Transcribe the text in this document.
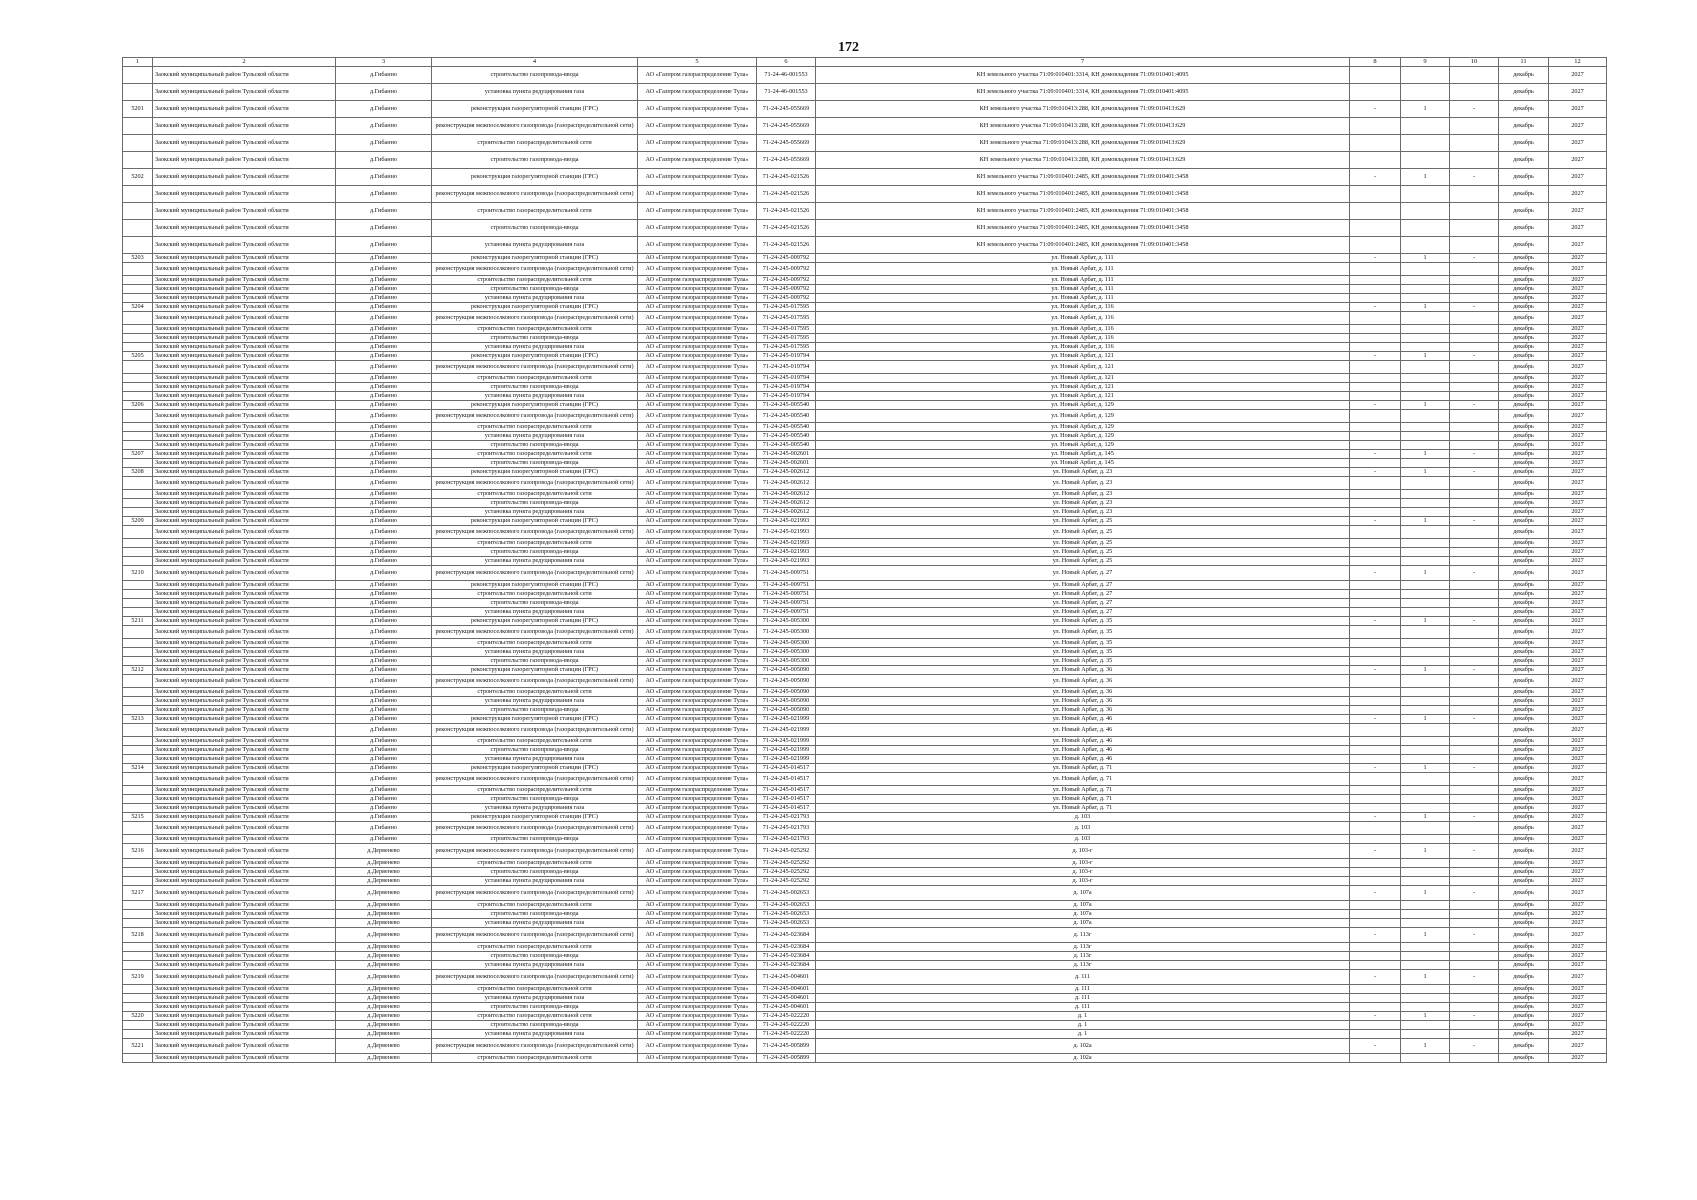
172
1	2	3	4	5	6	7	8	9	10	11	12
	Заокский муниципальный район Тульской области	д.Гибанно	строительство газопровода-ввода	АО «Газпром газораспределение Тула»	71-24-46-001553	КН земельного участка 71:09:010401:3314, КН домовладения 71:09:010401:4095				декабрь	2027
	Заокский муниципальный район Тульской области	д.Гибанно	установка пункта редуцирования газа	АО «Газпром газораспределение Тула»	71-24-46-001553	КН земельного участка 71:09:010401:3314, КН домовладения 71:09:010401:4095				декабрь	2027
5201	Заокский муниципальный район Тульской области	д.Гибанно	реконструкция газорегуляторной станции (ГРС)	АО «Газпром газораспределение Тула»	71-24-245-055669	КН земельного участка 71:09:010413:288, КН домовладения 71:09:010413:629	-	1	-	декабрь	2027
	Заокский муниципальный район Тульской области	д.Гибанно	реконструкция межпоселкового газопровода (газораспределительной сети)	АО «Газпром газораспределение Тула»	71-24-245-055669	КН земельного участка 71:09:010413:288, КН домовладения 71:09:010413:629				декабрь	2027
	Заокский муниципальный район Тульской области	д.Гибанно	строительство газораспределительной сети	АО «Газпром газораспределение Тула»	71-24-245-055669	КН земельного участка 71:09:010413:288, КН домовладения 71:09:010413:629				декабрь	2027
	Заокский муниципальный район Тульской области	д.Гибанно	строительство газопровода-ввода	АО «Газпром газораспределение Тула»	71-24-245-055669	КН земельного участка 71:09:010413:288, КН домовладения 71:09:010413:629				декабрь	2027
5202	Заокский муниципальный район Тульской области	д.Гибанно	реконструкция газорегуляторной станции (ГРС)	АО «Газпром газораспределение Тула»	71-24-245-021526	КН земельного участка 71:09:010401:2485, КН домовладения 71:09:010401:3458	-	1	-	декабрь	2027
	Заокский муниципальный район Тульской области	д.Гибанно	реконструкция межпоселкового газопровода (газораспределительной сети)	АО «Газпром газораспределение Тула»	71-24-245-021526	КН земельного участка 71:09:010401:2485, КН домовладения 71:09:010401:3458				декабрь	2027
	Заокский муниципальный район Тульской области	д.Гибанно	строительство газораспределительной сети	АО «Газпром газораспределение Тула»	71-24-245-021526	КН земельного участка 71:09:010401:2485, КН домовладения 71:09:010401:3458				декабрь	2027
	Заокский муниципальный район Тульской области	д.Гибанно	строительство газопровода-ввода	АО «Газпром газораспределение Тула»	71-24-245-021526	КН земельного участка 71:09:010401:2485, КН домовладения 71:09:010401:3458				декабрь	2027
	Заокский муниципальный район Тульской области	д.Гибанно	установка пункта редуцирования газа	АО «Газпром газораспределение Тула»	71-24-245-021526	КН земельного участка 71:09:010401:2485, КН домовладения 71:09:010401:3458				декабрь	2027
5203	Заокский муниципальный район Тульской области	д.Гибанно	реконструкция газорегуляторной станции (ГРС)	АО «Газпром газораспределение Тула»	71-24-245-009792	ул. Новый Арбат, д. 111	-	1	-	декабрь	2027
	Заокский муниципальный район Тульской области	д.Гибанно	реконструкция межпоселкового газопровода (газораспределительной сети)	АО «Газпром газораспределение Тула»	71-24-245-009792	ул. Новый Арбат, д. 111				декабрь	2027
	Заокский муниципальный район Тульской области	д.Гибанно	строительство газораспределительной сети	АО «Газпром газораспределение Тула»	71-24-245-009792	ул. Новый Арбат, д. 111				декабрь	2027
	Заокский муниципальный район Тульской области	д.Гибанно	строительство газопровода-ввода	АО «Газпром газораспределение Тула»	71-24-245-009792	ул. Новый Арбат, д. 111				декабрь	2027
	Заокский муниципальный район Тульской области	д.Гибанно	установка пункта редуцирования газа	АО «Газпром газораспределение Тула»	71-24-245-009792	ул. Новый Арбат, д. 111				декабрь	2027
5204	Заокский муниципальный район Тульской области	д.Гибанно	реконструкция газорегуляторной станции (ГРС)	АО «Газпром газораспределение Тула»	71-24-245-017595	ул. Новый Арбат, д. 116	-	1	-	декабрь	2027
	Заокский муниципальный район Тульской области	д.Гибанно	реконструкция межпоселкового газопровода (газораспределительной сети)	АО «Газпром газораспределение Тула»	71-24-245-017595	ул. Новый Арбат, д. 116				декабрь	2027
	Заокский муниципальный район Тульской области	д.Гибанно	строительство газораспределительной сети	АО «Газпром газораспределение Тула»	71-24-245-017595	ул. Новый Арбат, д. 116				декабрь	2027
	Заокский муниципальный район Тульской области	д.Гибанно	строительство газопровода-ввода	АО «Газпром газораспределение Тула»	71-24-245-017595	ул. Новый Арбат, д. 116				декабрь	2027
	Заокский муниципальный район Тульской области	д.Гибанно	установка пункта редуцирования газа	АО «Газпром газораспределение Тула»	71-24-245-017595	ул. Новый Арбат, д. 116				декабрь	2027
5205	Заокский муниципальный район Тульской области	д.Гибанно	реконструкция газорегуляторной станции (ГРС)	АО «Газпром газораспределение Тула»	71-24-245-019794	ул. Новый Арбат, д. 121	-	1	-	декабрь	2027
	Заокский муниципальный район Тульской области	д.Гибанно	реконструкция межпоселкового газопровода (газораспределительной сети)	АО «Газпром газораспределение Тула»	71-24-245-019794	ул. Новый Арбат, д. 121				декабрь	2027
	Заокский муниципальный район Тульской области	д.Гибанно	строительство газораспределительной сети	АО «Газпром газораспределение Тула»	71-24-245-019794	ул. Новый Арбат, д. 121				декабрь	2027
	Заокский муниципальный район Тульской области	д.Гибанно	строительство газопровода-ввода	АО «Газпром газораспределение Тула»	71-24-245-019794	ул. Новый Арбат, д. 121				декабрь	2027
	Заокский муниципальный район Тульской области	д.Гибанно	установка пункта редуцирования газа	АО «Газпром газораспределение Тула»	71-24-245-019794	ул. Новый Арбат, д. 121				декабрь	2027
5206	Заокский муниципальный район Тульской области	д.Гибанно	реконструкция газорегуляторной станции (ГРС)	АО «Газпром газораспределение Тула»	71-24-245-005540	ул. Новый Арбат, д. 129	-	1	-	декабрь	2027
	Заокский муниципальный район Тульской области	д.Гибанно	реконструкция межпоселкового газопровода (газораспределительной сети)	АО «Газпром газораспределение Тула»	71-24-245-005540	ул. Новый Арбат, д. 129				декабрь	2027
	Заокский муниципальный район Тульской области	д.Гибанно	строительство газораспределительной сети	АО «Газпром газораспределение Тула»	71-24-245-005540	ул. Новый Арбат, д. 129				декабрь	2027
	Заокский муниципальный район Тульской области	д.Гибанно	установка пункта редуцирования газа	АО «Газпром газораспределение Тула»	71-24-245-005540	ул. Новый Арбат, д. 129				декабрь	2027
	Заокский муниципальный район Тульской области	д.Гибанно	строительство газопровода-ввода	АО «Газпром газораспределение Тула»	71-24-245-005540	ул. Новый Арбат, д. 129				декабрь	2027
5207	Заокский муниципальный район Тульской области	д.Гибанно	строительство газораспределительной сети	АО «Газпром газораспределение Тула»	71-24-245-002601	ул. Новый Арбат, д. 145	-	1	-	декабрь	2027
	Заокский муниципальный район Тульской области	д.Гибанно	строительство газопровода-ввода	АО «Газпром газораспределение Тула»	71-24-245-002601	ул. Новый Арбат, д. 145				декабрь	2027
5208	Заокский муниципальный район Тульской области	д.Гибанно	реконструкция газорегуляторной станции (ГРС)	АО «Газпром газораспределение Тула»	71-24-245-002612	ул. Новый Арбат, д. 23	-	1	-	декабрь	2027
	Заокский муниципальный район Тульской области	д.Гибанно	реконструкция межпоселкового газопровода (газораспределительной сети)	АО «Газпром газораспределение Тула»	71-24-245-002612	ул. Новый Арбат, д. 23				декабрь	2027
	Заокский муниципальный район Тульской области	д.Гибанно	строительство газораспределительной сети	АО «Газпром газораспределение Тула»	71-24-245-002612	ул. Новый Арбат, д. 23				декабрь	2027
	Заокский муниципальный район Тульской области	д.Гибанно	строительство газопровода-ввода	АО «Газпром газораспределение Тула»	71-24-245-002612	ул. Новый Арбат, д. 23				декабрь	2027
	Заокский муниципальный район Тульской области	д.Гибанно	установка пункта редуцирования газа	АО «Газпром газораспределение Тула»	71-24-245-002612	ул. Новый Арбат, д. 23				декабрь	2027
5209	Заокский муниципальный район Тульской области	д.Гибанно	реконструкция газорегуляторной станции (ГРС)	АО «Газпром газораспределение Тула»	71-24-245-021993	ул. Новый Арбат, д. 25	-	1	-	декабрь	2027
	Заокский муниципальный район Тульской области	д.Гибанно	реконструкция межпоселкового газопровода (газораспределительной сети)	АО «Газпром газораспределение Тула»	71-24-245-021993	ул. Новый Арбат, д. 25				декабрь	2027
	Заокский муниципальный район Тульской области	д.Гибанно	строительство газораспределительной сети	АО «Газпром газораспределение Тула»	71-24-245-021993	ул. Новый Арбат, д. 25				декабрь	2027
	Заокский муниципальный район Тульской области	д.Гибанно	строительство газопровода-ввода	АО «Газпром газораспределение Тула»	71-24-245-021993	ул. Новый Арбат, д. 25				декабрь	2027
	Заокский муниципальный район Тульской области	д.Гибанно	установка пункта редуцирования газа	АО «Газпром газораспределение Тула»	71-24-245-021993	ул. Новый Арбат, д. 25				декабрь	2027
5210	Заокский муниципальный район Тульской области	д.Гибанно	реконструкция межпоселкового газопровода (газораспределительной сети)	АО «Газпром газораспределение Тула»	71-24-245-009751	ул. Новый Арбат, д. 27	-	1	-	декабрь	2027
	Заокский муниципальный район Тульской области	д.Гибанно	реконструкция газорегуляторной станции (ГРС)	АО «Газпром газораспределение Тула»	71-24-245-009751	ул. Новый Арбат, д. 27				декабрь	2027
	Заокский муниципальный район Тульской области	д.Гибанно	строительство газораспределительной сети	АО «Газпром газораспределение Тула»	71-24-245-009751	ул. Новый Арбат, д. 27				декабрь	2027
	Заокский муниципальный район Тульской области	д.Гибанно	строительство газопровода-ввода	АО «Газпром газораспределение Тула»	71-24-245-009751	ул. Новый Арбат, д. 27				декабрь	2027
	Заокский муниципальный район Тульской области	д.Гибанно	установка пункта редуцирования газа	АО «Газпром газораспределение Тула»	71-24-245-009751	ул. Новый Арбат, д. 27				декабрь	2027
5211	Заокский муниципальный район Тульской области	д.Гибанно	реконструкция газорегуляторной станции (ГРС)	АО «Газпром газораспределение Тула»	71-24-245-005300	ул. Новый Арбат, д. 35	-	1	-	декабрь	2027
	Заокский муниципальный район Тульской области	д.Гибанно	реконструкция межпоселкового газопровода (газораспределительной сети)	АО «Газпром газораспределение Тула»	71-24-245-005300	ул. Новый Арбат, д. 35				декабрь	2027
	Заокский муниципальный район Тульской области	д.Гибанно	строительство газораспределительной сети	АО «Газпром газораспределение Тула»	71-24-245-005300	ул. Новый Арбат, д. 35				декабрь	2027
	Заокский муниципальный район Тульской области	д.Гибанно	установка пункта редуцирования газа	АО «Газпром газораспределение Тула»	71-24-245-005300	ул. Новый Арбат, д. 35				декабрь	2027
	Заокский муниципальный район Тульской области	д.Гибанно	строительство газопровода-ввода	АО «Газпром газораспределение Тула»	71-24-245-005300	ул. Новый Арбат, д. 35				декабрь	2027
5212	Заокский муниципальный район Тульской области	д.Гибанно	реконструкция газорегуляторной станции (ГРС)	АО «Газпром газораспределение Тула»	71-24-245-005090	ул. Новый Арбат, д. 36	-	1	-	декабрь	2027
	Заокский муниципальный район Тульской области	д.Гибанно	реконструкция межпоселкового газопровода (газораспределительной сети)	АО «Газпром газораспределение Тула»	71-24-245-005090	ул. Новый Арбат, д. 36				декабрь	2027
	Заокский муниципальный район Тульской области	д.Гибанно	строительство газораспределительной сети	АО «Газпром газораспределение Тула»	71-24-245-005090	ул. Новый Арбат, д. 36				декабрь	2027
	Заокский муниципальный район Тульской области	д.Гибанно	установка пункта редуцирования газа	АО «Газпром газораспределение Тула»	71-24-245-005090	ул. Новый Арбат, д. 36				декабрь	2027
	Заокский муниципальный район Тульской области	д.Гибанно	строительство газопровода-ввода	АО «Газпром газораспределение Тула»	71-24-245-005090	ул. Новый Арбат, д. 36				декабрь	2027
5213	Заокский муниципальный район Тульской области	д.Гибанно	реконструкция газорегуляторной станции (ГРС)	АО «Газпром газораспределение Тула»	71-24-245-021999	ул. Новый Арбат, д. 46	-	1	-	декабрь	2027
	Заокский муниципальный район Тульской области	д.Гибанно	реконструкция межпоселкового газопровода (газораспределительной сети)	АО «Газпром газораспределение Тула»	71-24-245-021999	ул. Новый Арбат, д. 46				декабрь	2027
	Заокский муниципальный район Тульской области	д.Гибанно	строительство газораспределительной сети	АО «Газпром газораспределение Тула»	71-24-245-021999	ул. Новый Арбат, д. 46				декабрь	2027
	Заокский муниципальный район Тульской области	д.Гибанно	строительство газопровода-ввода	АО «Газпром газораспределение Тула»	71-24-245-021999	ул. Новый Арбат, д. 46				декабрь	2027
	Заокский муниципальный район Тульской области	д.Гибанно	установка пункта редуцирования газа	АО «Газпром газораспределение Тула»	71-24-245-021999	ул. Новый Арбат, д. 46				декабрь	2027
5214	Заокский муниципальный район Тульской области	д.Гибанно	реконструкция газорегуляторной станции (ГРС)	АО «Газпром газораспределение Тула»	71-24-245-014517	ул. Новый Арбат, д. 71	-	1	-	декабрь	2027
	Заокский муниципальный район Тульской области	д.Гибанно	реконструкция межпоселкового газопровода (газораспределительной сети)	АО «Газпром газораспределение Тула»	71-24-245-014517	ул. Новый Арбат, д. 71				декабрь	2027
	Заокский муниципальный район Тульской области	д.Гибанно	строительство газораспределительной сети	АО «Газпром газораспределение Тула»	71-24-245-014517	ул. Новый Арбат, д. 71				декабрь	2027
	Заокский муниципальный район Тульской области	д.Гибанно	строительство газопровода-ввода	АО «Газпром газораспределение Тула»	71-24-245-014517	ул. Новый Арбат, д. 71				декабрь	2027
	Заокский муниципальный район Тульской области	д.Гибанно	установка пункта редуцирования газа	АО «Газпром газораспределение Тула»	71-24-245-014517	ул. Новый Арбат, д. 71				декабрь	2027
5215	Заокский муниципальный район Тульской области	д.Гибанно	реконструкция газорегуляторной станции (ГРС)	АО «Газпром газораспределение Тула»	71-24-245-021793	д. 103	-	1	-	декабрь	2027
	Заокский муниципальный район Тульской области	д.Гибанно	реконструкция межпоселкового газопровода (газораспределительной сети)	АО «Газпром газораспределение Тула»	71-24-245-021793	д. 103				декабрь	2027
	Заокский муниципальный район Тульской области	д.Гибанно	строительство газопровода-ввода	АО «Газпром газораспределение Тула»	71-24-245-021793	д. 103				декабрь	2027
5216	Заокский муниципальный район Тульской области	д.Дервенево	реконструкция межпоселкового газопровода (газораспределительной сети)	АО «Газпром газораспределение Тула»	71-24-245-025292	д. 103-г	-	1	-	декабрь	2027
	Заокский муниципальный район Тульской области	д.Дервенево	строительство газораспределительной сети	АО «Газпром газораспределение Тула»	71-24-245-025292	д. 103-г				декабрь	2027
	Заокский муниципальный район Тульской области	д.Дервенево	строительство газопровода-ввода	АО «Газпром газораспределение Тула»	71-24-245-025292	д. 103-г				декабрь	2027
	Заокский муниципальный район Тульской области	д.Дервенево	установка пункта редуцирования газа	АО «Газпром газораспределение Тула»	71-24-245-025292	д. 103-г				декабрь	2027
5217	Заокский муниципальный район Тульской области	д.Дервенево	реконструкция межпоселкового газопровода (газораспределительной сети)	АО «Газпром газораспределение Тула»	71-24-245-002653	д. 107а	-	1	-	декабрь	2027
	Заокский муниципальный район Тульской области	д.Дервенево	строительство газораспределительной сети	АО «Газпром газораспределение Тула»	71-24-245-002653	д. 107а				декабрь	2027
	Заокский муниципальный район Тульской области	д.Дервенево	строительство газопровода-ввода	АО «Газпром газораспределение Тула»	71-24-245-002653	д. 107а				декабрь	2027
	Заокский муниципальный район Тульской области	д.Дервенево	установка пункта редуцирования газа	АО «Газпром газораспределение Тула»	71-24-245-002653	д. 107а				декабрь	2027
5218	Заокский муниципальный район Тульской области	д.Дервенево	реконструкция межпоселкового газопровода (газораспределительной сети)	АО «Газпром газораспределение Тула»	71-24-245-023684	д. 113г	-	1	-	декабрь	2027
	Заокский муниципальный район Тульской области	д.Дервенево	строительство газораспределительной сети	АО «Газпром газораспределение Тула»	71-24-245-023684	д. 113г				декабрь	2027
	Заокский муниципальный район Тульской области	д.Дервенево	строительство газопровода-ввода	АО «Газпром газораспределение Тула»	71-24-245-023684	д. 113г				декабрь	2027
	Заокский муниципальный район Тульской области	д.Дервенево	установка пункта редуцирования газа	АО «Газпром газораспределение Тула»	71-24-245-023684	д. 113г				декабрь	2027
5219	Заокский муниципальный район Тульской области	д.Дервенево	реконструкция межпоселкового газопровода (газораспределительной сети)	АО «Газпром газораспределение Тула»	71-24-245-004601	д. 111	-	1	-	декабрь	2027
	Заокский муниципальный район Тульской области	д.Дервенево	строительство газораспределительной сети	АО «Газпром газораспределение Тула»	71-24-245-004601	д. 111				декабрь	2027
	Заокский муниципальный район Тульской области	д.Дервенево	установка пункта редуцирования газа	АО «Газпром газораспределение Тула»	71-24-245-004601	д. 111				декабрь	2027
	Заокский муниципальный район Тульской области	д.Дервенево	строительство газопровода-ввода	АО «Газпром газораспределение Тула»	71-24-245-004601	д. 111				декабрь	2027
5220	Заокский муниципальный район Тульской области	д.Дервенево	строительство газораспределительной сети	АО «Газпром газораспределение Тула»	71-24-245-022220	д. 1	-	1	-	декабрь	2027
	Заокский муниципальный район Тульской области	д.Дервенево	строительство газопровода-ввода	АО «Газпром газораспределение Тула»	71-24-245-022220	д. 1				декабрь	2027
	Заокский муниципальный район Тульской области	д.Дервенево	установка пункта редуцирования газа	АО «Газпром газораспределение Тула»	71-24-245-022220	д. 1				декабрь	2027
5221	Заокский муниципальный район Тульской области	д.Дервенево	реконструкция межпоселкового газопровода (газораспределительной сети)	АО «Газпром газораспределение Тула»	71-24-245-005899	д. 102а	-	1	-	декабрь	2027
	Заокский муниципальный район Тульской области	д.Дервенево	строительство газораспределительной сети	АО «Газпром газораспределение Тула»	71-24-245-005899	д. 102а				декабрь	2027
